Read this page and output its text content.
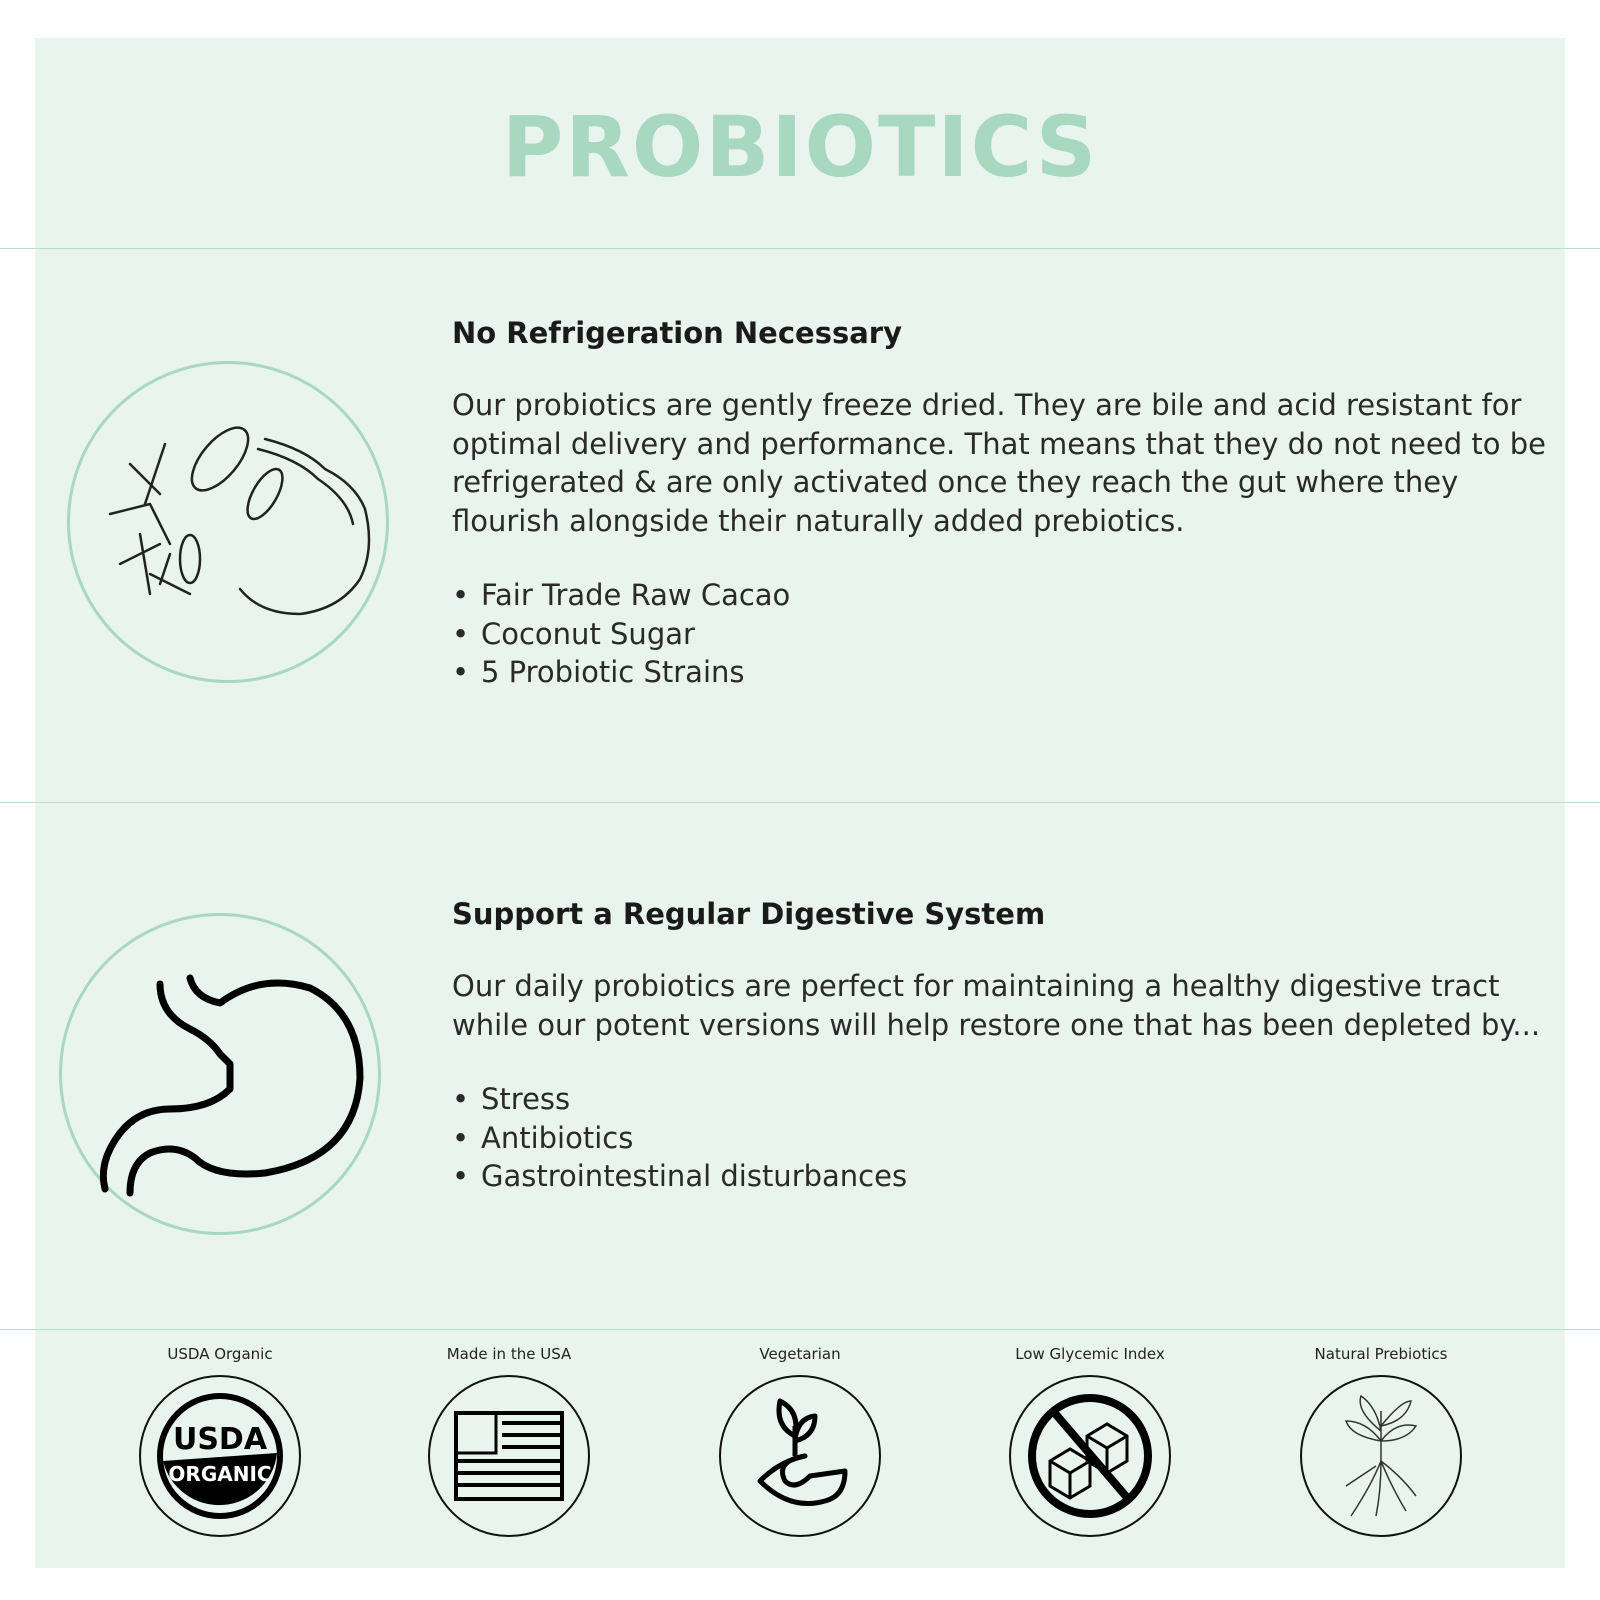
PROBIOTICS
No Refrigeration Necessary

Our probiotics are gently freeze dried. They are bile and acid resistant for optimal delivery and performance. That means that they do not need to be refrigerated & are only activated once they reach the gut where they flourish alongside their naturally added prebiotics.

• Fair Trade Raw Cacao
• Coconut Sugar
• 5 Probiotic Strains
Support a Regular Digestive System

Our daily probiotics are perfect for maintaining a healthy digestive tract while our potent versions will help restore one that has been depleted by...

• Stress
• Antibiotics
• Gastrointestinal disturbances
USDA Organic
USDA
ORGANIC
Made in the USA	Vegetarian	Low Glycemic Index	Natural Prebiotics
